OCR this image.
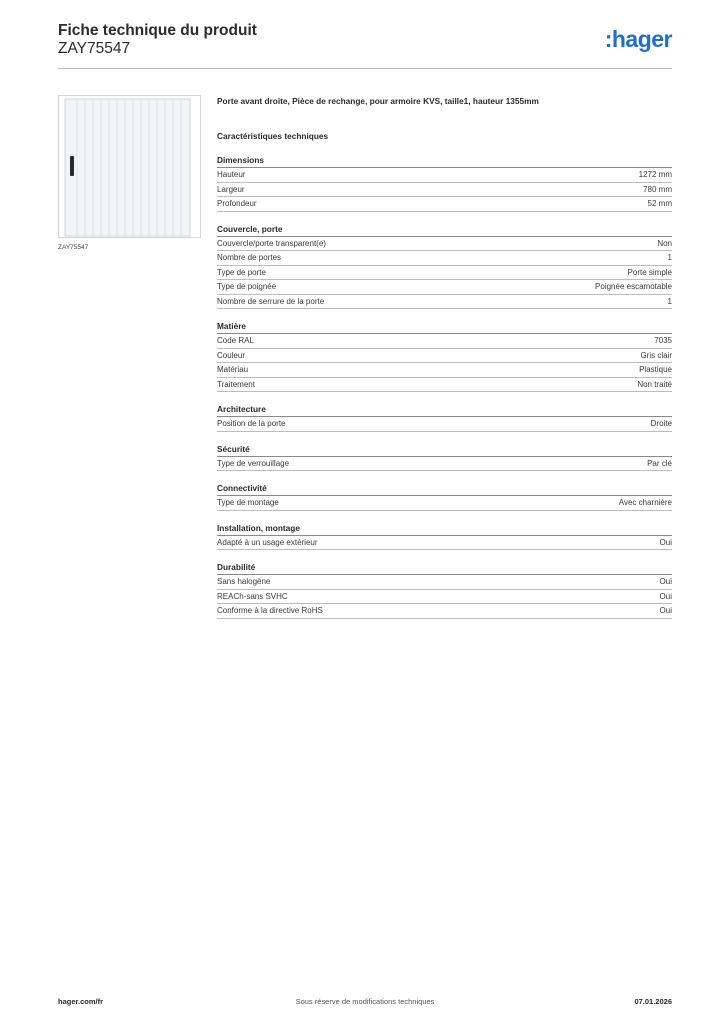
Fiche technique du produit
ZAY75547	:hager
ZAY75547
Porte avant droite, Pièce de rechange, pour armoire KVS, taille1, hauteur 1355mm
Caractéristiques techniques
Dimensions
Hauteur	1272 mm
Largeur	780 mm
Profondeur	52 mm
Couvercle, porte
Couvercle/porte transparent(e)	Non
Nombre de portes	1
Type de porte	Porte simple
Type de poignée	Poignée escamotable
Nombre de serrure de la porte	1
Matière
Code RAL	7035
Couleur	Gris clair
Matériau	Plastique
Traitement	Non traité
Architecture
Position de la porte	Droite
Sécurité
Type de verrouillage	Par clé
Connectivité
Type de montage	Avec charnière
Installation, montage
Adapté à un usage extérieur	Oui
Durabilité
Sans halogène	Oui
REACh-sans SVHC	Oui
Conforme à la directive RoHS	Oui
hager.com/fr	Sous réserve de modifications techniques	07.01.2026
